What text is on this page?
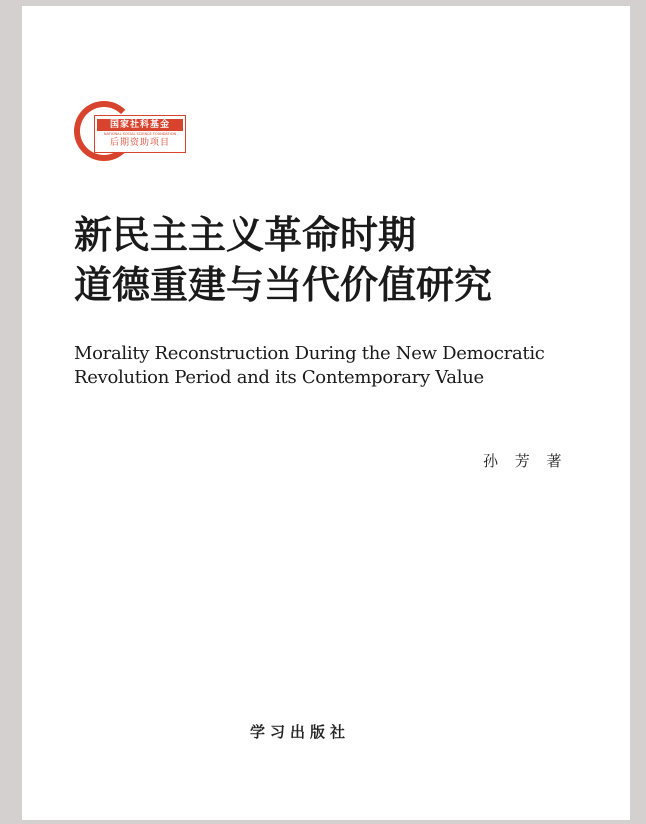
国家社科基金
NATIONAL SOCIAL SCIENCE FOUNDATION
后期资助项目
新民主主义革命时期
道德重建与当代价值研究
Morality Reconstruction During the New Democratic
Revolution Period and its Contemporary Value
孙 芳 著
学习出版社
